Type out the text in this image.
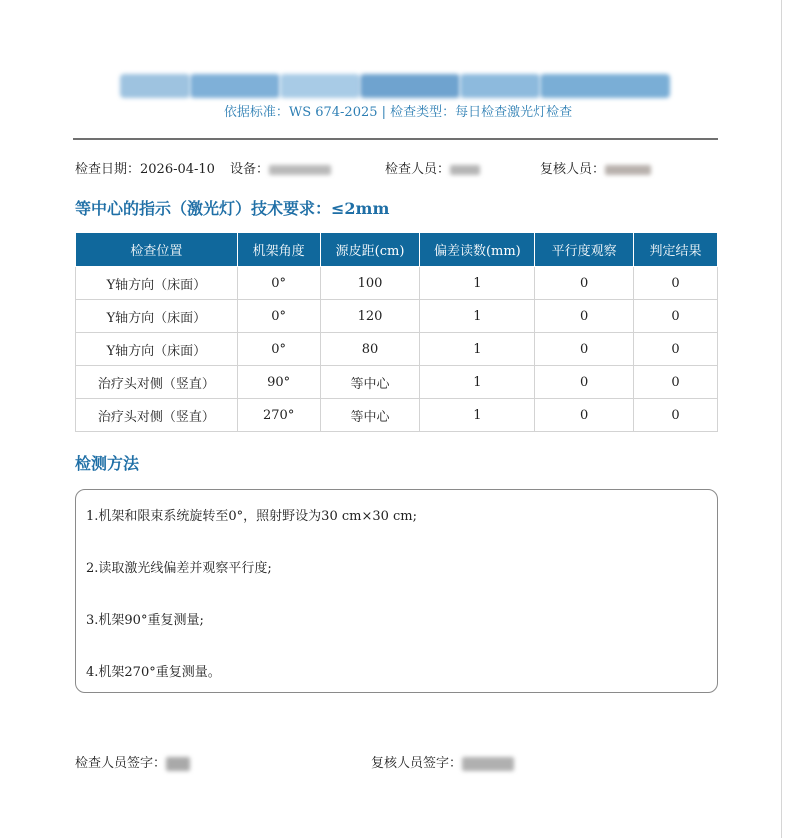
依据标准：WS 674-2025 | 检查类型：每日检查激光灯检查
检查日期：2026-04-10 设备：	检查人员：	复核人员：
等中心的指示（激光灯）技术要求：≤2mm
检查位置	机架角度	源皮距(cm)	偏差读数(mm)	平行度观察	判定结果
Y轴方向（床面）	0°	100	1	0	0
Y轴方向（床面）	0°	120	1	0	0
Y轴方向（床面）	0°	80	1	0	0
治疗头对侧（竖直）	90°	等中心	1	0	0
治疗头对侧（竖直）	270°	等中心	1	0	0
检测方法
1.机架和限束系统旋转至0°，照射野设为30 cm×30 cm;
2.读取激光线偏差并观察平行度;
3.机架90°重复测量;
4.机架270°重复测量。
检查人员签字：	复核人员签字：
